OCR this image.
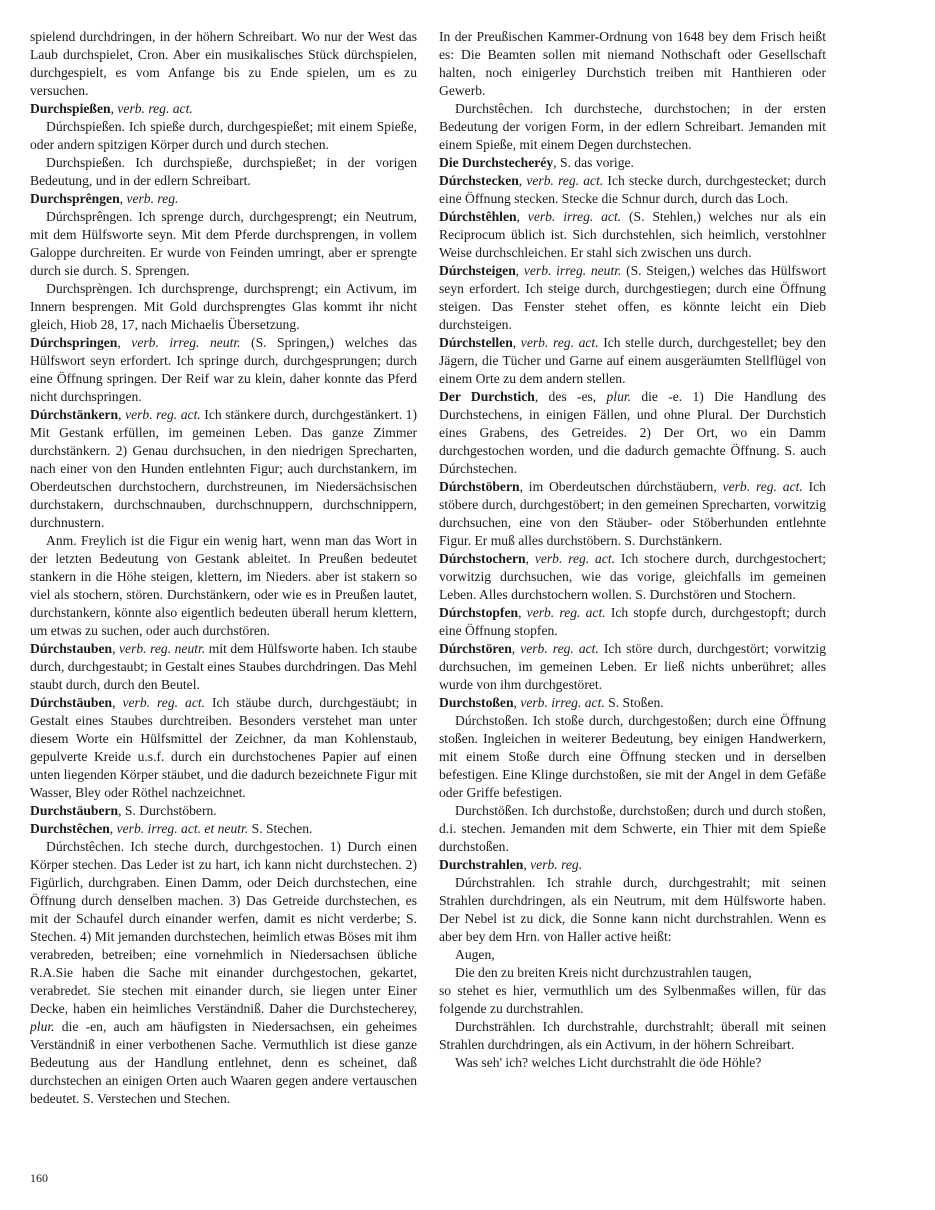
spielend durchdringen, in der höhern Schreibart. Wo nur der West das Laub durchspielet, Cron. Aber ein musikalisches Stück dürchspielen, durchgespielt, es vom Anfange bis zu Ende spielen, um es zu versuchen.

Durchspießen, verb. reg. act.

Dúrchspießen. Ich spieße durch, durchgespießet; mit einem Spieße, oder andern spitzigen Körper durch und durch stechen.

Durchspießen. Ich durchspieße, durchspießet; in der vorigen Bedeutung, und in der edlern Schreibart.

Durchsprêngen, verb. reg.

Dúrchsprêngen. Ich sprenge durch, durchgesprengt; ein Neutrum, mit dem Hülfsworte seyn. Mit dem Pferde durchsprengen, in vollem Galoppe durchreiten. Er wurde von Feinden umringt, aber er sprengte durch sie durch. S. Sprengen.

Durchsprèngen. Ich durchsprenge, durchsprengt; ein Activum, im Innern besprengen. Mit Gold durchsprengtes Glas kommt ihr nicht gleich, Hiob 28, 17, nach Michaelis Übersetzung.

Dúrchspringen, verb. irreg. neutr. (S. Springen,) welches das Hülfswort seyn erfordert. Ich springe durch, durchgesprungen; durch eine Öffnung springen. Der Reif war zu klein, daher konnte das Pferd nicht durchspringen.

Dúrchstänkern, verb. reg. act. Ich stänkere durch, durchgestänkert. 1) Mit Gestank erfüllen, im gemeinen Leben. Das ganze Zimmer durchstänkern. 2) Genau durchsuchen, in den niedrigen Sprecharten, nach einer von den Hunden entlehnten Figur; auch durchstankern, im Oberdeutschen durchstochern, durchstreunen, im Niedersächsischen durchstakern, durchschnauben, durchschnuppern, durchschnippern, durchnustern.

Anm. Freylich ist die Figur ein wenig hart, wenn man das Wort in der letzten Bedeutung von Gestank ableitet. In Preußen bedeutet stankern in die Höhe steigen, klettern, im Nieders. aber ist stakern so viel als stochern, stören. Durchstänkern, oder wie es in Preußen lautet, durchstankern, könnte also eigentlich bedeuten überall herum klettern, um etwas zu suchen, oder auch durchstören.

Dúrchstauben, verb. reg. neutr. mit dem Hülfsworte haben. Ich staube durch, durchgestaubt; in Gestalt eines Staubes durchdringen. Das Mehl staubt durch, durch den Beutel.

Dúrchstäuben, verb. reg. act. Ich stäube durch, durchgestäubt; in Gestalt eines Staubes durchtreiben. Besonders verstehet man unter diesem Worte ein Hülfsmittel der Zeichner, da man Kohlenstaub, gepulverte Kreide u.s.f. durch ein durchstochenes Papier auf einen unten liegenden Körper stäubet, und die dadurch bezeichnete Figur mit Wasser, Bley oder Röthel nachzeichnet.

Durchstäubern, S. Durchstöbern.

Durchstêchen, verb. irreg. act. et neutr. S. Stechen.

Dúrchstêchen. Ich steche durch, durchgestochen. 1) Durch einen Körper stechen. Das Leder ist zu hart, ich kann nicht durchstechen. 2) Figürlich, durchgraben. Einen Damm, oder Deich durchstechen, eine Öffnung durch denselben machen. 3) Das Getreide durchstechen, es mit der Schaufel durch einander werfen, damit es nicht verderbe; S. Stechen. 4) Mit jemanden durchstechen, heimlich etwas Böses mit ihm verabreden, betreiben; eine vornehmlich in Niedersachsen übliche R.A.Sie haben die Sache mit einander durchgestochen, gekartet, verabredet. Sie stechen mit einander durch, sie liegen unter Einer Decke, haben ein heimliches Verständniß. Daher die Durchstecherey, plur. die -en, auch am häufigsten in Niedersachsen, ein geheimes Verständniß in einer verbothenen Sache. Vermuthlich ist diese ganze Bedeutung aus der Handlung entlehnet, denn es scheinet, daß durchstechen an einigen Orten auch Waaren gegen andere vertauschen bedeutet. S. Verstechen und Stechen.

In der Preußischen Kammer-Ordnung von 1648 bey dem Frisch heißt es: Die Beamten sollen mit niemand Nothschaft oder Gesellschaft halten, noch einigerley Durchstich treiben mit Hanthieren oder Gewerb.

Durchstêchen. Ich durchsteche, durchstochen; in der ersten Bedeutung der vorigen Form, in der edlern Schreibart. Jemanden mit einem Spieße, mit einem Degen durchstechen.

Die Durchstecheréy, S. das vorige.

Dúrchstecken, verb. reg. act. Ich stecke durch, durchgestecket; durch eine Öffnung stecken. Stecke die Schnur durch, durch das Loch.

Dúrchstêhlen, verb. irreg. act. (S. Stehlen,) welches nur als ein Reciprocum üblich ist. Sich durchstehlen, sich heimlich, verstohlner Weise durchschleichen. Er stahl sich zwischen uns durch.

Dúrchsteigen, verb. irreg. neutr. (S. Steigen,) welches das Hülfswort seyn erfordert. Ich steige durch, durchgestiegen; durch eine Öffnung steigen. Das Fenster stehet offen, es könnte leicht ein Dieb durchsteigen.

Dúrchstellen, verb. reg. act. Ich stelle durch, durchgestellet; bey den Jägern, die Tücher und Garne auf einem ausgeräumten Stellflügel von einem Orte zu dem andern stellen.

Der Durchstich, des -es, plur. die -e. 1) Die Handlung des Durchstechens, in einigen Fällen, und ohne Plural. Der Durchstich eines Grabens, des Getreides. 2) Der Ort, wo ein Damm durchgestochen worden, und die dadurch gemachte Öffnung. S. auch Dúrchstechen.

Dúrchstöbern, im Oberdeutschen dúrchstäubern, verb. reg. act. Ich stöbere durch, durchgestöbert; in den gemeinen Sprecharten, vorwitzig durchsuchen, eine von den Stäuber- oder Stöberhunden entlehnte Figur. Er muß alles durchstöbern. S. Durchstänkern.

Dúrchstochern, verb. reg. act. Ich stochere durch, durchgestochert; vorwitzig durchsuchen, wie das vorige, gleichfalls im gemeinen Leben. Alles durchstochern wollen. S. Durchstören und Stochern.

Dúrchstopfen, verb. reg. act. Ich stopfe durch, durchgestopft; durch eine Öffnung stopfen.

Dúrchstören, verb. reg. act. Ich störe durch, durchgestört; vorwitzig durchsuchen, im gemeinen Leben. Er ließ nichts unberühret; alles wurde von ihm durchgestöret.

Durchstoßen, verb. irreg. act. S. Stoßen.

Dúrchstoßen. Ich stoße durch, durchgestoßen; durch eine Öffnung stoßen. Ingleichen in weiterer Bedeutung, bey einigen Handwerkern, mit einem Stoße durch eine Öffnung stecken und in derselben befestigen. Eine Klinge durchstoßen, sie mit der Angel in dem Gefäße oder Griffe befestigen.

Durchstößen. Ich durchstoße, durchstoßen; durch und durch stoßen, d.i. stechen. Jemanden mit dem Schwerte, ein Thier mit dem Spieße durchstoßen.

Durchstrahlen, verb. reg.

Dúrchstrahlen. Ich strahle durch, durchgestrahlt; mit seinen Strahlen durchdringen, als ein Neutrum, mit dem Hülfsworte haben. Der Nebel ist zu dick, die Sonne kann nicht durchstrahlen. Wenn es aber bey dem Hrn. von Haller active heißt:

Augen,

Die den zu breiten Kreis nicht durchzustrahlen taugen,

so stehet es hier, vermuthlich um des Sylbenmaßes willen, für das folgende zu durchstrahlen.

Durchstrählen. Ich durchstrahle, durchstrahlt; überall mit seinen Strahlen durchdringen, als ein Activum, in der höhern Schreibart.

Was seh' ich? welches Licht durchstrahlt die öde Höhle?

160
